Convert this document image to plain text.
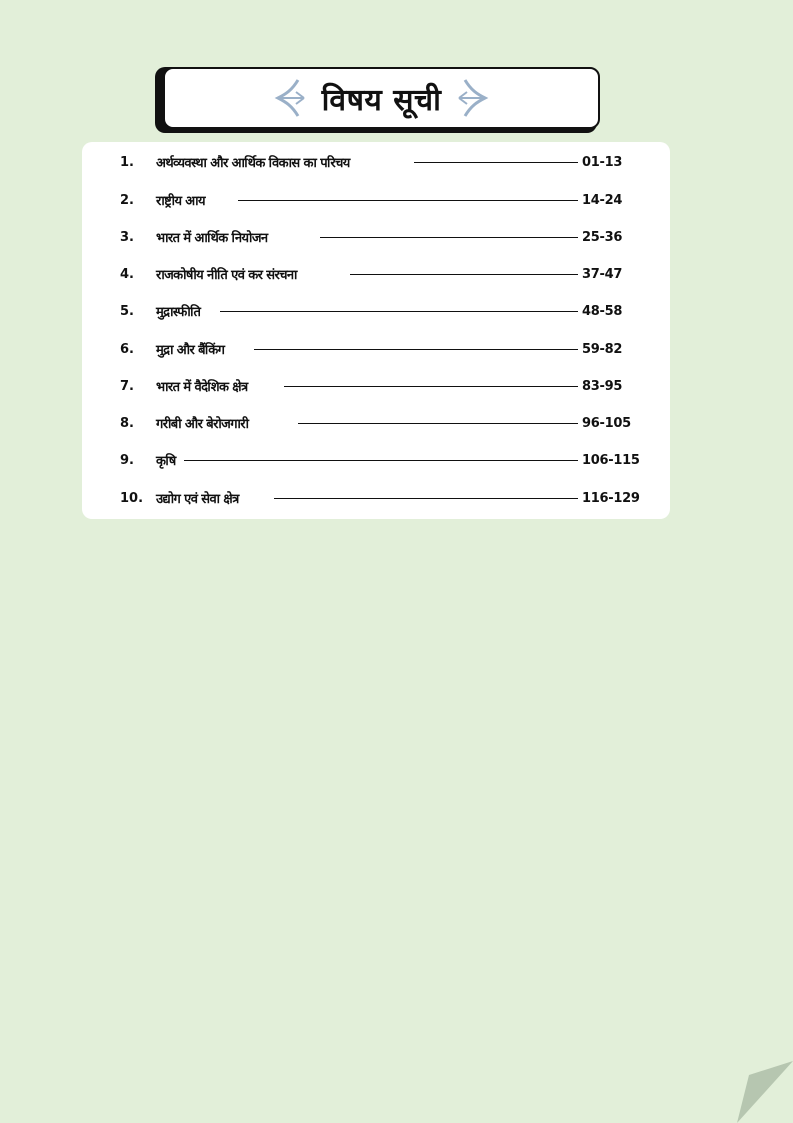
विषय सूची
1.	अर्थव्यवस्था और आर्थिक विकास का परिचय	01-13
2.	राष्ट्रीय आय	14-24
3.	भारत में आर्थिक नियोजन	25-36
4.	राजकोषीय नीति एवं कर संरचना	37-47
5.	मुद्रास्फीति	48-58
6.	मुद्रा और बैंकिंग	59-82
7.	भारत में वैदेशिक क्षेत्र	83-95
8.	गरीबी और बेरोजगारी	96-105
9.	कृषि	106-115
10. उद्योग एवं सेवा क्षेत्र	116-129
